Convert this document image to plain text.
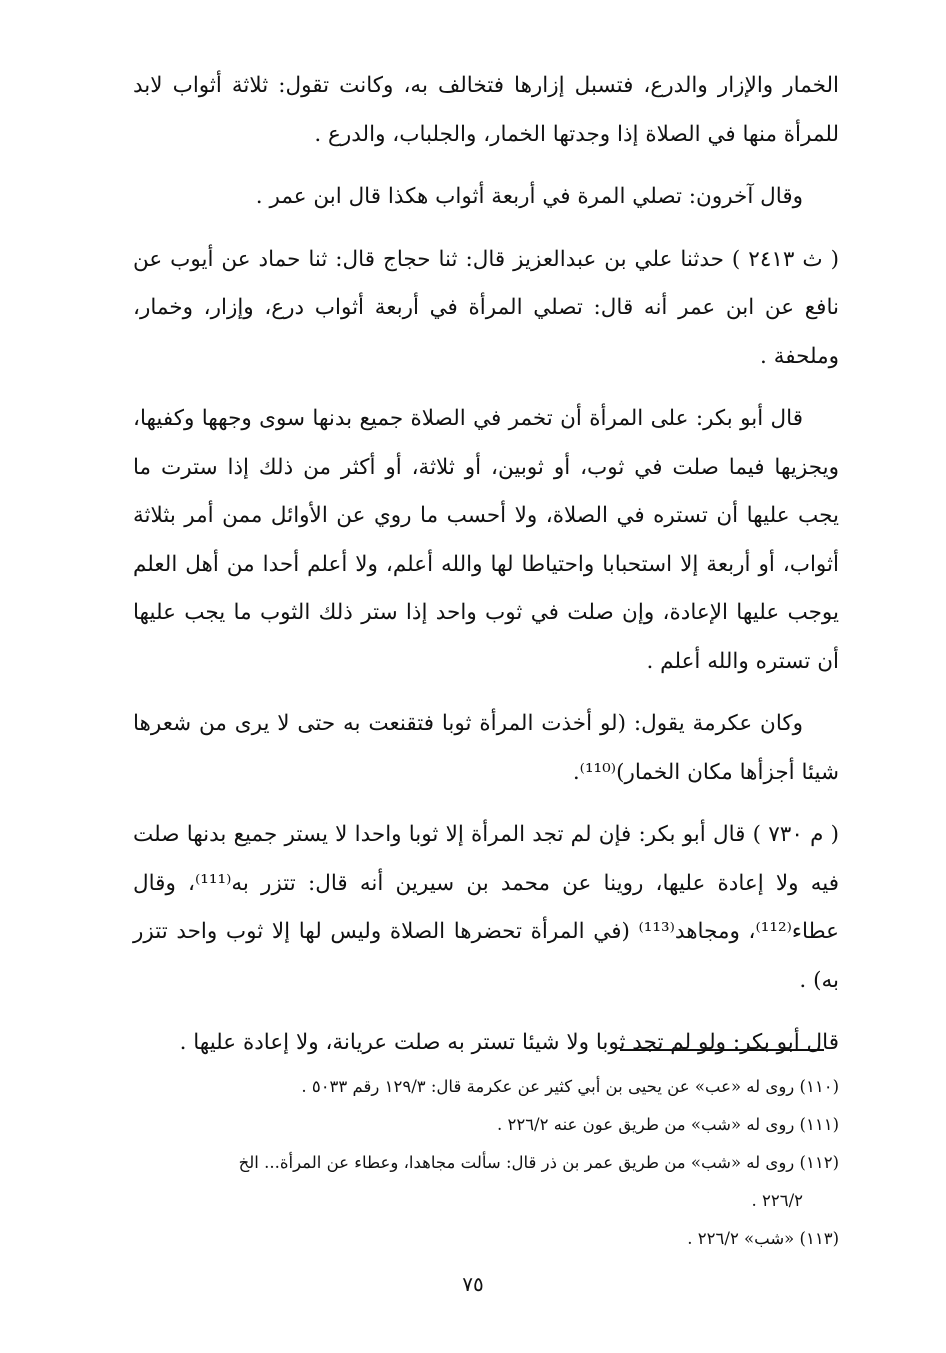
الخمار والإزار والدرع، فتسبل إزارها فتخالف به، وكانت تقول: ثلاثة أثواب لابد للمرأة منها في الصلاة إذا وجدتها الخمار، والجلباب، والدرع .

وقال آخرون: تصلي المرة في أربعة أثواب هكذا قال ابن عمر .

( ث ٢٤١٣ ) حدثنا علي بن عبدالعزيز قال: ثنا حجاج قال: ثنا حماد عن أيوب عن نافع عن ابن عمر أنه قال: تصلي المرأة في أربعة أثواب درع، وإزار، وخمار، وملحفة .

قال أبو بكر: على المرأة أن تخمر في الصلاة جميع بدنها سوى وجهها وكفيها، ويجزيها فيما صلت في ثوب، أو ثوبين، أو ثلاثة، أو أكثر من ذلك إذا سترت ما يجب عليها أن تستره في الصلاة، ولا أحسب ما روي عن الأوائل ممن أمر بثلاثة أثواب، أو أربعة إلا استحبابا واحتياطا لها والله أعلم، ولا أعلم أحدا من أهل العلم يوجب عليها الإعادة، وإن صلت في ثوب واحد إذا ستر ذلك الثوب ما يجب عليها أن تستره والله أعلم .

وكان عكرمة يقول: (لو أخذت المرأة ثوبا فتقنعت به حتى لا يرى من شعرها شيئا أجزأها مكان الخمار)⁽¹¹⁰⁾.

( م ٧٣٠ ) قال أبو بكر: فإن لم تجد المرأة إلا ثوبا واحدا لا يستر جميع بدنها صلت فيه ولا إعادة عليها، روينا عن محمد بن سيرين أنه قال: تتزر به⁽¹¹¹⁾، وقال عطاء⁽¹¹²⁾، ومجاهد⁽¹¹³⁾ (في المرأة تحضرها الصلاة وليس لها إلا ثوب واحد تتزر به) .

قال أبو بكر: ولو لم تجد ثوبا ولا شيئا تستر به صلت عريانة، ولا إعادة عليها .

(١١٠) روى له «عب» عن يحيى بن أبي كثير عن عكرمة قال: ١٢٩/٣ رقم ٥٠٣٣ .

(١١١) روى له «شب» من طريق عون عنه ٢٢٦/٢ .

(١١٢) روى له «شب» من طريق عمر بن ذر قال: سألت مجاهدا، وعطاء عن المرأة... الخ
٢٢٦/٢ .

(١١٣) «شب» ٢٢٦/٢ .

٧٥
